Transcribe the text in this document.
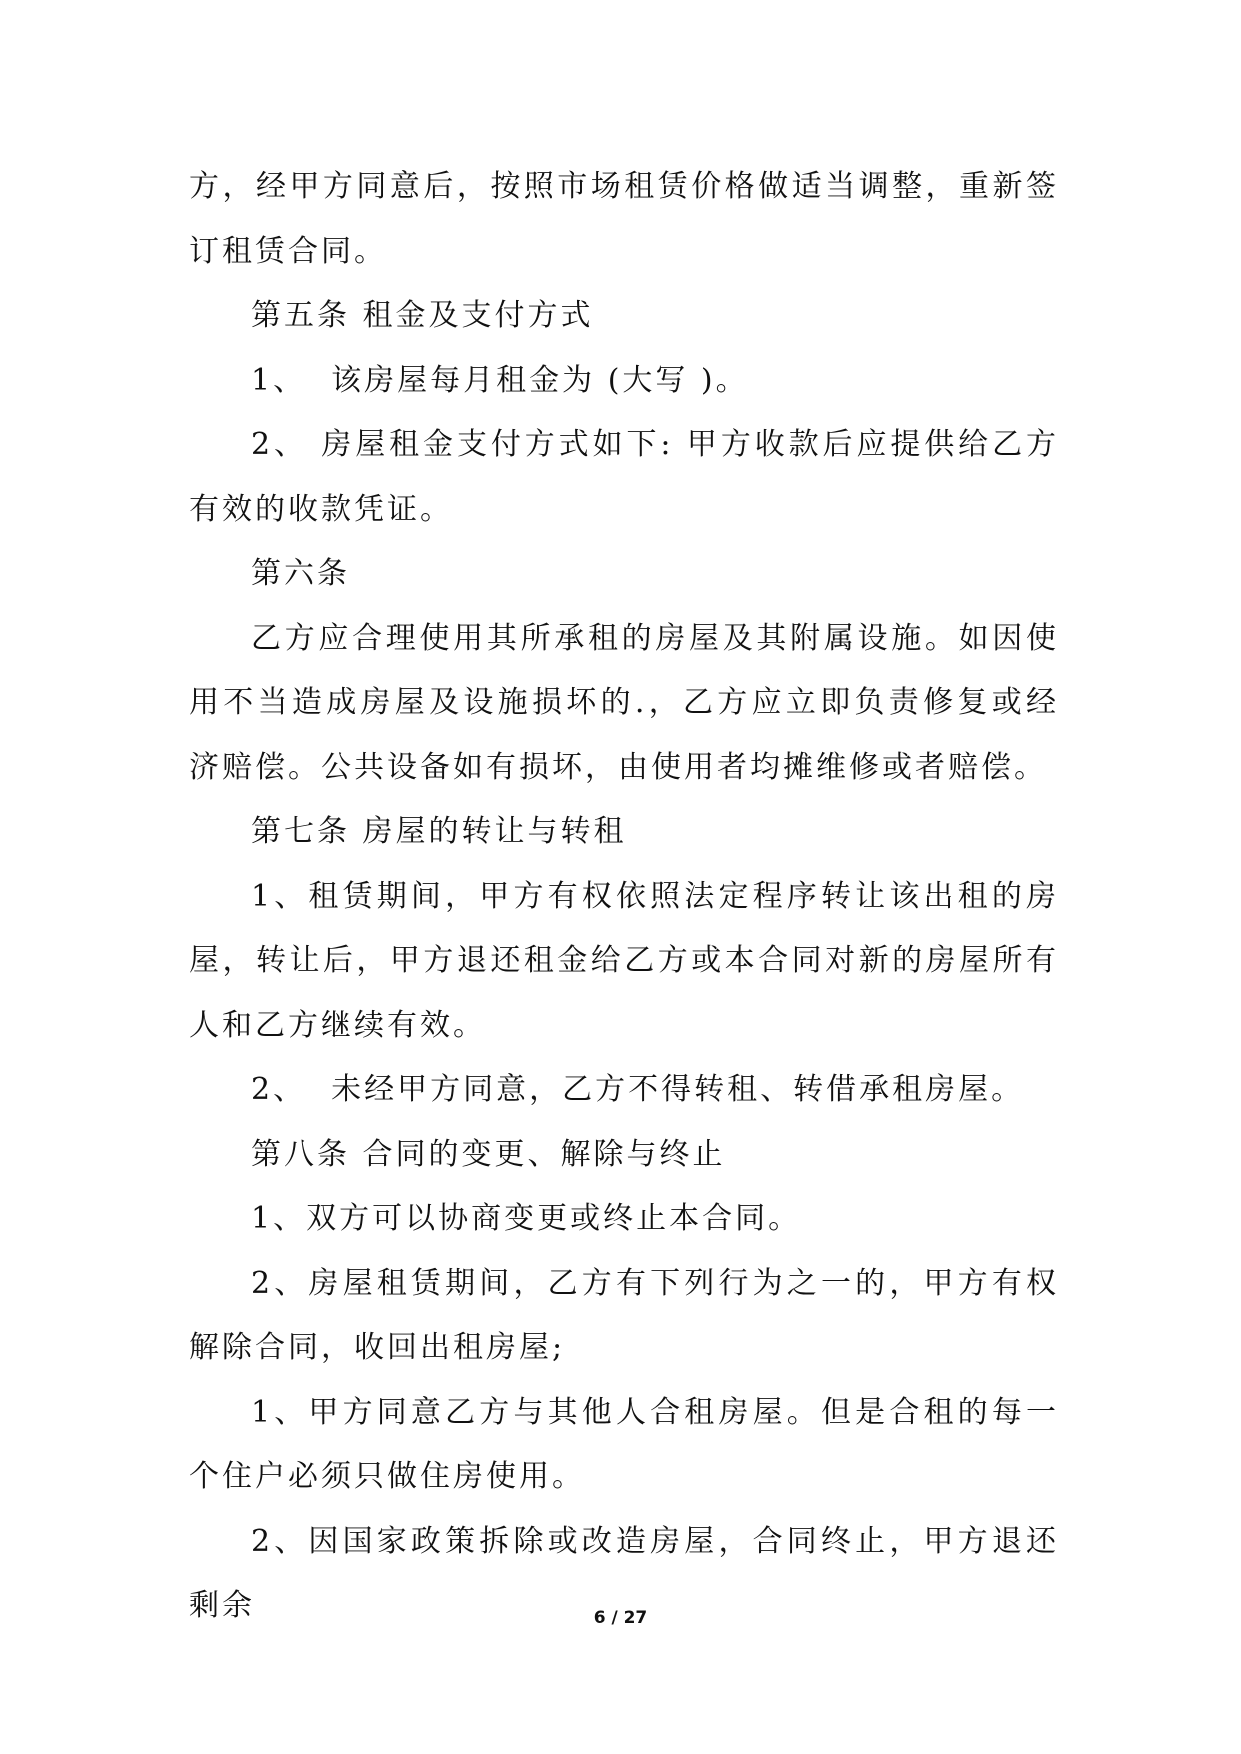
方，经甲方同意后，按照市场租赁价格做适当调整，重新签订租赁合同。

第五条 租金及支付方式

1、  该房屋每月租金为 (大写 )。

2、 房屋租金支付方式如下: 甲方收款后应提供给乙方有效的收款凭证。

第六条

乙方应合理使用其所承租的房屋及其附属设施。如因使用不当造成房屋及设施损坏的.，乙方应立即负责修复或经济赔偿。公共设备如有损坏，由使用者均摊维修或者赔偿。

第七条 房屋的转让与转租

1、租赁期间，甲方有权依照法定程序转让该出租的房屋，转让后，甲方退还租金给乙方或本合同对新的房屋所有人和乙方继续有效。

2、  未经甲方同意，乙方不得转租、转借承租房屋。

第八条 合同的变更、解除与终止

1、双方可以协商变更或终止本合同。

2、房屋租赁期间，乙方有下列行为之一的，甲方有权解除合同，收回出租房屋;

1、甲方同意乙方与其他人合租房屋。但是合租的每一个住户必须只做住房使用。

2、因国家政策拆除或改造房屋，合同终止，甲方退还剩余	6 / 27
